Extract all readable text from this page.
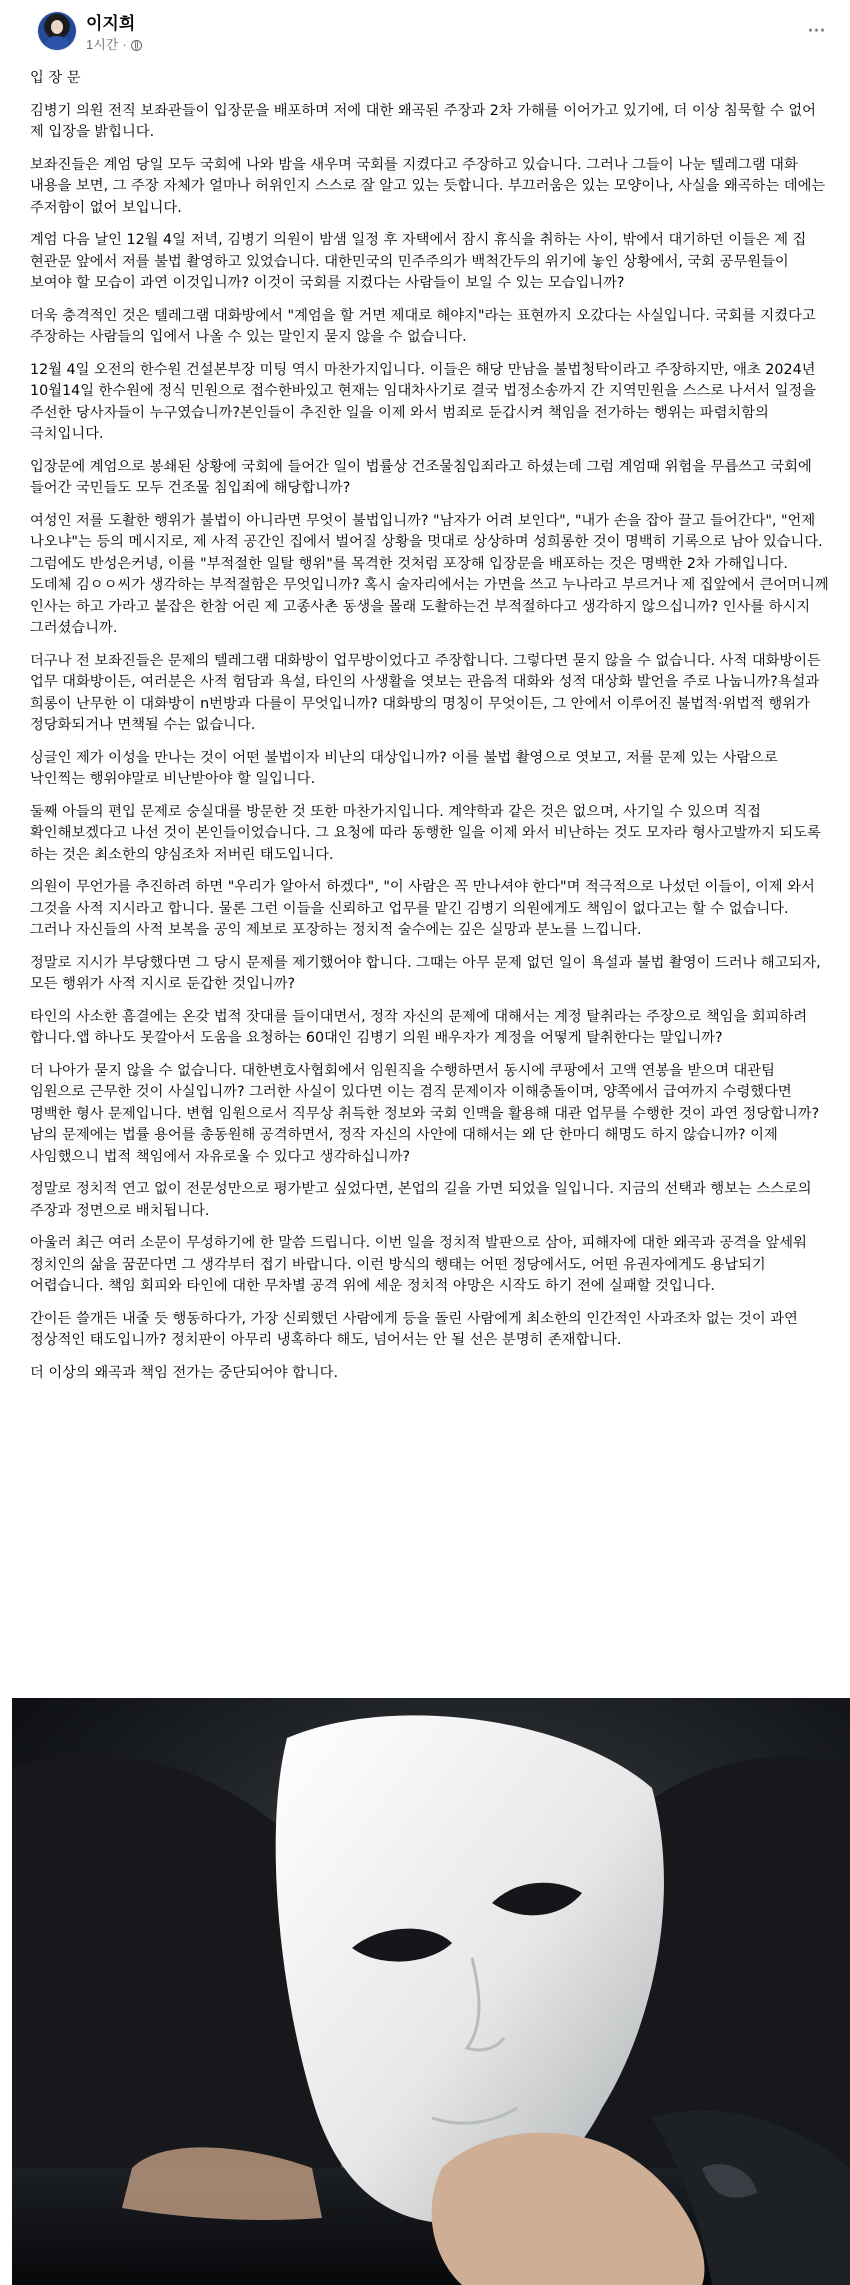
이지희
1시간 ·
···

입 장 문

김병기 의원 전직 보좌관들이 입장문을 배포하며 저에 대한 왜곡된 주장과 2차 가해를 이어가고 있기에, 더 이상 침묵할 수 없어 제 입장을 밝힙니다.

보좌진들은 계엄 당일 모두 국회에 나와 밤을 새우며 국회를 지켰다고 주장하고 있습니다. 그러나 그들이 나눈 텔레그램 대화 내용을 보면, 그 주장 자체가 얼마나 허위인지 스스로 잘 알고 있는 듯합니다. 부끄러움은 있는 모양이나, 사실을 왜곡하는 데에는 주저함이 없어 보입니다.

계엄 다음 날인 12월 4일 저녁, 김병기 의원이 밤샘 일정 후 자택에서 잠시 휴식을 취하는 사이, 밖에서 대기하던 이들은 제 집 현관문 앞에서 저를 불법 촬영하고 있었습니다. 대한민국의 민주주의가 백척간두의 위기에 놓인 상황에서, 국회 공무원들이 보여야 할 모습이 과연 이것입니까? 이것이 국회를 지켰다는 사람들이 보일 수 있는 모습입니까?

더욱 충격적인 것은 텔레그램 대화방에서 "계엄을 할 거면 제대로 해야지"라는 표현까지 오갔다는 사실입니다. 국회를 지켰다고 주장하는 사람들의 입에서 나올 수 있는 말인지 묻지 않을 수 없습니다.

12월 4일 오전의 한수원 건설본부장 미팅 역시 마찬가지입니다. 이들은 해당 만남을 불법청탁이라고 주장하지만, 애초 2024년 10월14일 한수원에 정식 민원으로 접수한바있고 현재는 임대차사기로 결국 법정소송까지 간 지역민원을 스스로 나서서 일정을 주선한 당사자들이 누구였습니까?본인들이 추진한 일을 이제 와서 범죄로 둔갑시켜 책임을 전가하는 행위는 파렴치함의 극치입니다.

입장문에 계엄으로 봉쇄된 상황에 국회에 들어간 일이 법률상 건조물침입죄라고 하셨는데 그럼 계엄때 위험을 무릅쓰고 국회에 들어간 국민들도 모두 건조물 침입죄에 해당합니까?

여성인 저를 도촬한 행위가 불법이 아니라면 무엇이 불법입니까? "남자가 어려 보인다", "내가 손을 잡아 끌고 들어간다", "언제 나오냐"는 등의 메시지로, 제 사적 공간인 집에서 벌어질 상황을 멋대로 상상하며 성희롱한 것이 명백히 기록으로 남아 있습니다. 그럼에도 반성은커녕, 이를 "부적절한 일탈 행위"를 목격한 것처럼 포장해 입장문을 배포하는 것은 명백한 2차 가해입니다. 도데체 김ㅇㅇ씨가 생각하는 부적절함은 무엇입니까? 혹시 술자리에서는 가면을 쓰고 누나라고 부르거나 제 집앞에서 큰어머니께 인사는 하고 가라고 붙잡은 한참 어린 제 고종사촌 동생을 몰래 도촬하는건 부적절하다고 생각하지 않으십니까? 인사를 하시지 그러셨습니까.

더구나 전 보좌진들은 문제의 텔레그램 대화방이 업무방이었다고 주장합니다. 그렇다면 묻지 않을 수 없습니다. 사적 대화방이든 업무 대화방이든, 여러분은 사적 험담과 욕설, 타인의 사생활을 엿보는 관음적 대화와 성적 대상화 발언을 주로 나눕니까?욕설과 희롱이 난무한 이 대화방이 n번방과 다를이 무엇입니까? 대화방의 명칭이 무엇이든, 그 안에서 이루어진 불법적·위법적 행위가 정당화되거나 면책될 수는 없습니다.

싱글인 제가 이성을 만나는 것이 어떤 불법이자 비난의 대상입니까? 이를 불법 촬영으로 엿보고, 저를 문제 있는 사람으로 낙인찍는 행위야말로 비난받아야 할 일입니다.

둘째 아들의 편입 문제로 숭실대를 방문한 것 또한 마찬가지입니다. 계약학과 같은 것은 없으며, 사기일 수 있으며 직접 확인해보겠다고 나선 것이 본인들이었습니다. 그 요청에 따라 동행한 일을 이제 와서 비난하는 것도 모자라 형사고발까지 되도록 하는 것은 최소한의 양심조차 저버린 태도입니다.

의원이 무언가를 추진하려 하면 "우리가 알아서 하겠다", "이 사람은 꼭 만나셔야 한다"며 적극적으로 나섰던 이들이, 이제 와서 그것을 사적 지시라고 합니다. 물론 그런 이들을 신뢰하고 업무를 맡긴 김병기 의원에게도 책임이 없다고는 할 수 없습니다. 그러나 자신들의 사적 보복을 공익 제보로 포장하는 정치적 술수에는 깊은 실망과 분노를 느낍니다.

정말로 지시가 부당했다면 그 당시 문제를 제기했어야 합니다. 그때는 아무 문제 없던 일이 욕설과 불법 촬영이 드러나 해고되자, 모든 행위가 사적 지시로 둔갑한 것입니까?

타인의 사소한 흠결에는 온갖 법적 잣대를 들이대면서, 정작 자신의 문제에 대해서는 계정 탈취라는 주장으로 책임을 회피하려 합니다.앱 하나도 못깔아서 도움을 요청하는 60대인 김병기 의원 배우자가 계정을 어떻게 탈취한다는 말입니까?

더 나아가 묻지 않을 수 없습니다. 대한변호사협회에서 임원직을 수행하면서 동시에 쿠팡에서 고액 연봉을 받으며 대관팀 임원으로 근무한 것이 사실입니까? 그러한 사실이 있다면 이는 겸직 문제이자 이해충돌이며, 양쪽에서 급여까지 수령했다면 명백한 형사 문제입니다. 변협 임원으로서 직무상 취득한 정보와 국회 인맥을 활용해 대관 업무를 수행한 것이 과연 정당합니까? 남의 문제에는 법률 용어를 총동원해 공격하면서, 정작 자신의 사안에 대해서는 왜 단 한마디 해명도 하지 않습니까? 이제 사임했으니 법적 책임에서 자유로울 수 있다고 생각하십니까?

정말로 정치적 연고 없이 전문성만으로 평가받고 싶었다면, 본업의 길을 가면 되었을 일입니다. 지금의 선택과 행보는 스스로의 주장과 정면으로 배치됩니다.

아울러 최근 여러 소문이 무성하기에 한 말씀 드립니다. 이번 일을 정치적 발판으로 삼아, 피해자에 대한 왜곡과 공격을 앞세워 정치인의 삶을 꿈꾼다면 그 생각부터 접기 바랍니다. 이런 방식의 행태는 어떤 정당에서도, 어떤 유권자에게도 용납되기 어렵습니다. 책임 회피와 타인에 대한 무차별 공격 위에 세운 정치적 야망은 시작도 하기 전에 실패할 것입니다.

간이든 쓸개든 내줄 듯 행동하다가, 가장 신뢰했던 사람에게 등을 돌린 사람에게 최소한의 인간적인 사과조차 없는 것이 과연 정상적인 태도입니까? 정치판이 아무리 냉혹하다 해도, 넘어서는 안 될 선은 분명히 존재합니다.

더 이상의 왜곡과 책임 전가는 중단되어야 합니다.
